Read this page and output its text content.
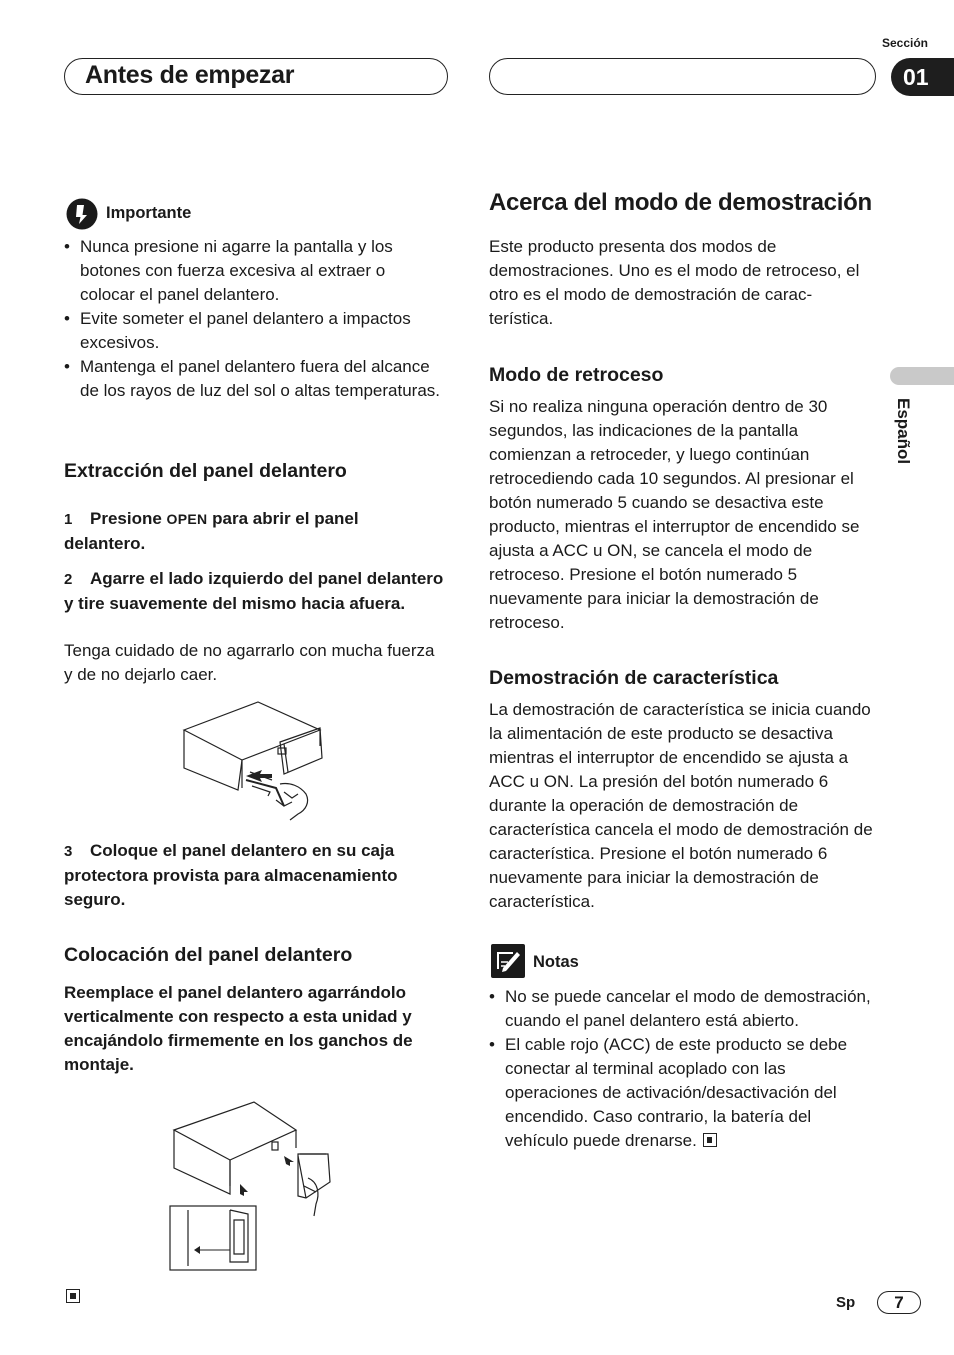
Sección
Antes de empezar	01
Español
Importante
• Nunca presione ni agarre la pantalla y los botones con fuerza excesiva al extraer o colocar el panel delantero.
• Evite someter el panel delantero a impactos excesivos.
• Mantenga el panel delantero fuera del alcance de los rayos de luz del sol o altas temperaturas.
Extracción del panel delantero
1 Presione OPEN para abrir el panel delantero.
2 Agarre el lado izquierdo del panel delantero y tire suavemente del mismo hacia afuera.
Tenga cuidado de no agarrarlo con mucha fuerza y de no dejarlo caer.
3 Coloque el panel delantero en su caja protectora provista para almacenamiento seguro.
Colocación del panel delantero
Reemplace el panel delantero agarrándolo verticalmente con respecto a esta unidad y encajándolo firmemente en los ganchos de montaje.
Acerca del modo de demostración
Este producto presenta dos modos de demostraciones. Uno es el modo de retroceso, el otro es el modo de demostración de carac-terística.
Modo de retroceso
Si no realiza ninguna operación dentro de 30 segundos, las indicaciones de la pantalla comienzan a retroceder, y luego continúan retrocediendo cada 10 segundos. Al presionar el botón numerado 5 cuando se desactiva este producto, mientras el interruptor de encendido se ajusta a ACC u ON, se cancela el modo de retroceso. Presione el botón numerado 5 nuevamente para iniciar la demostración de retroceso.
Demostración de característica
La demostración de característica se inicia cuando la alimentación de este producto se desactiva mientras el interruptor de encendido se ajusta a ACC u ON. La presión del botón numerado 6 durante la operación de demostración de característica cancela el modo de demostración de característica. Presione el botón numerado 6 nuevamente para iniciar la demostración de característica.
Notas
• No se puede cancelar el modo de demostración, cuando el panel delantero está abierto.
• El cable rojo (ACC) de este producto se debe conectar al terminal acoplado con las operaciones de activación/desactivación del encendido. Caso contrario, la batería del vehículo puede drenarse.
Sp	7
